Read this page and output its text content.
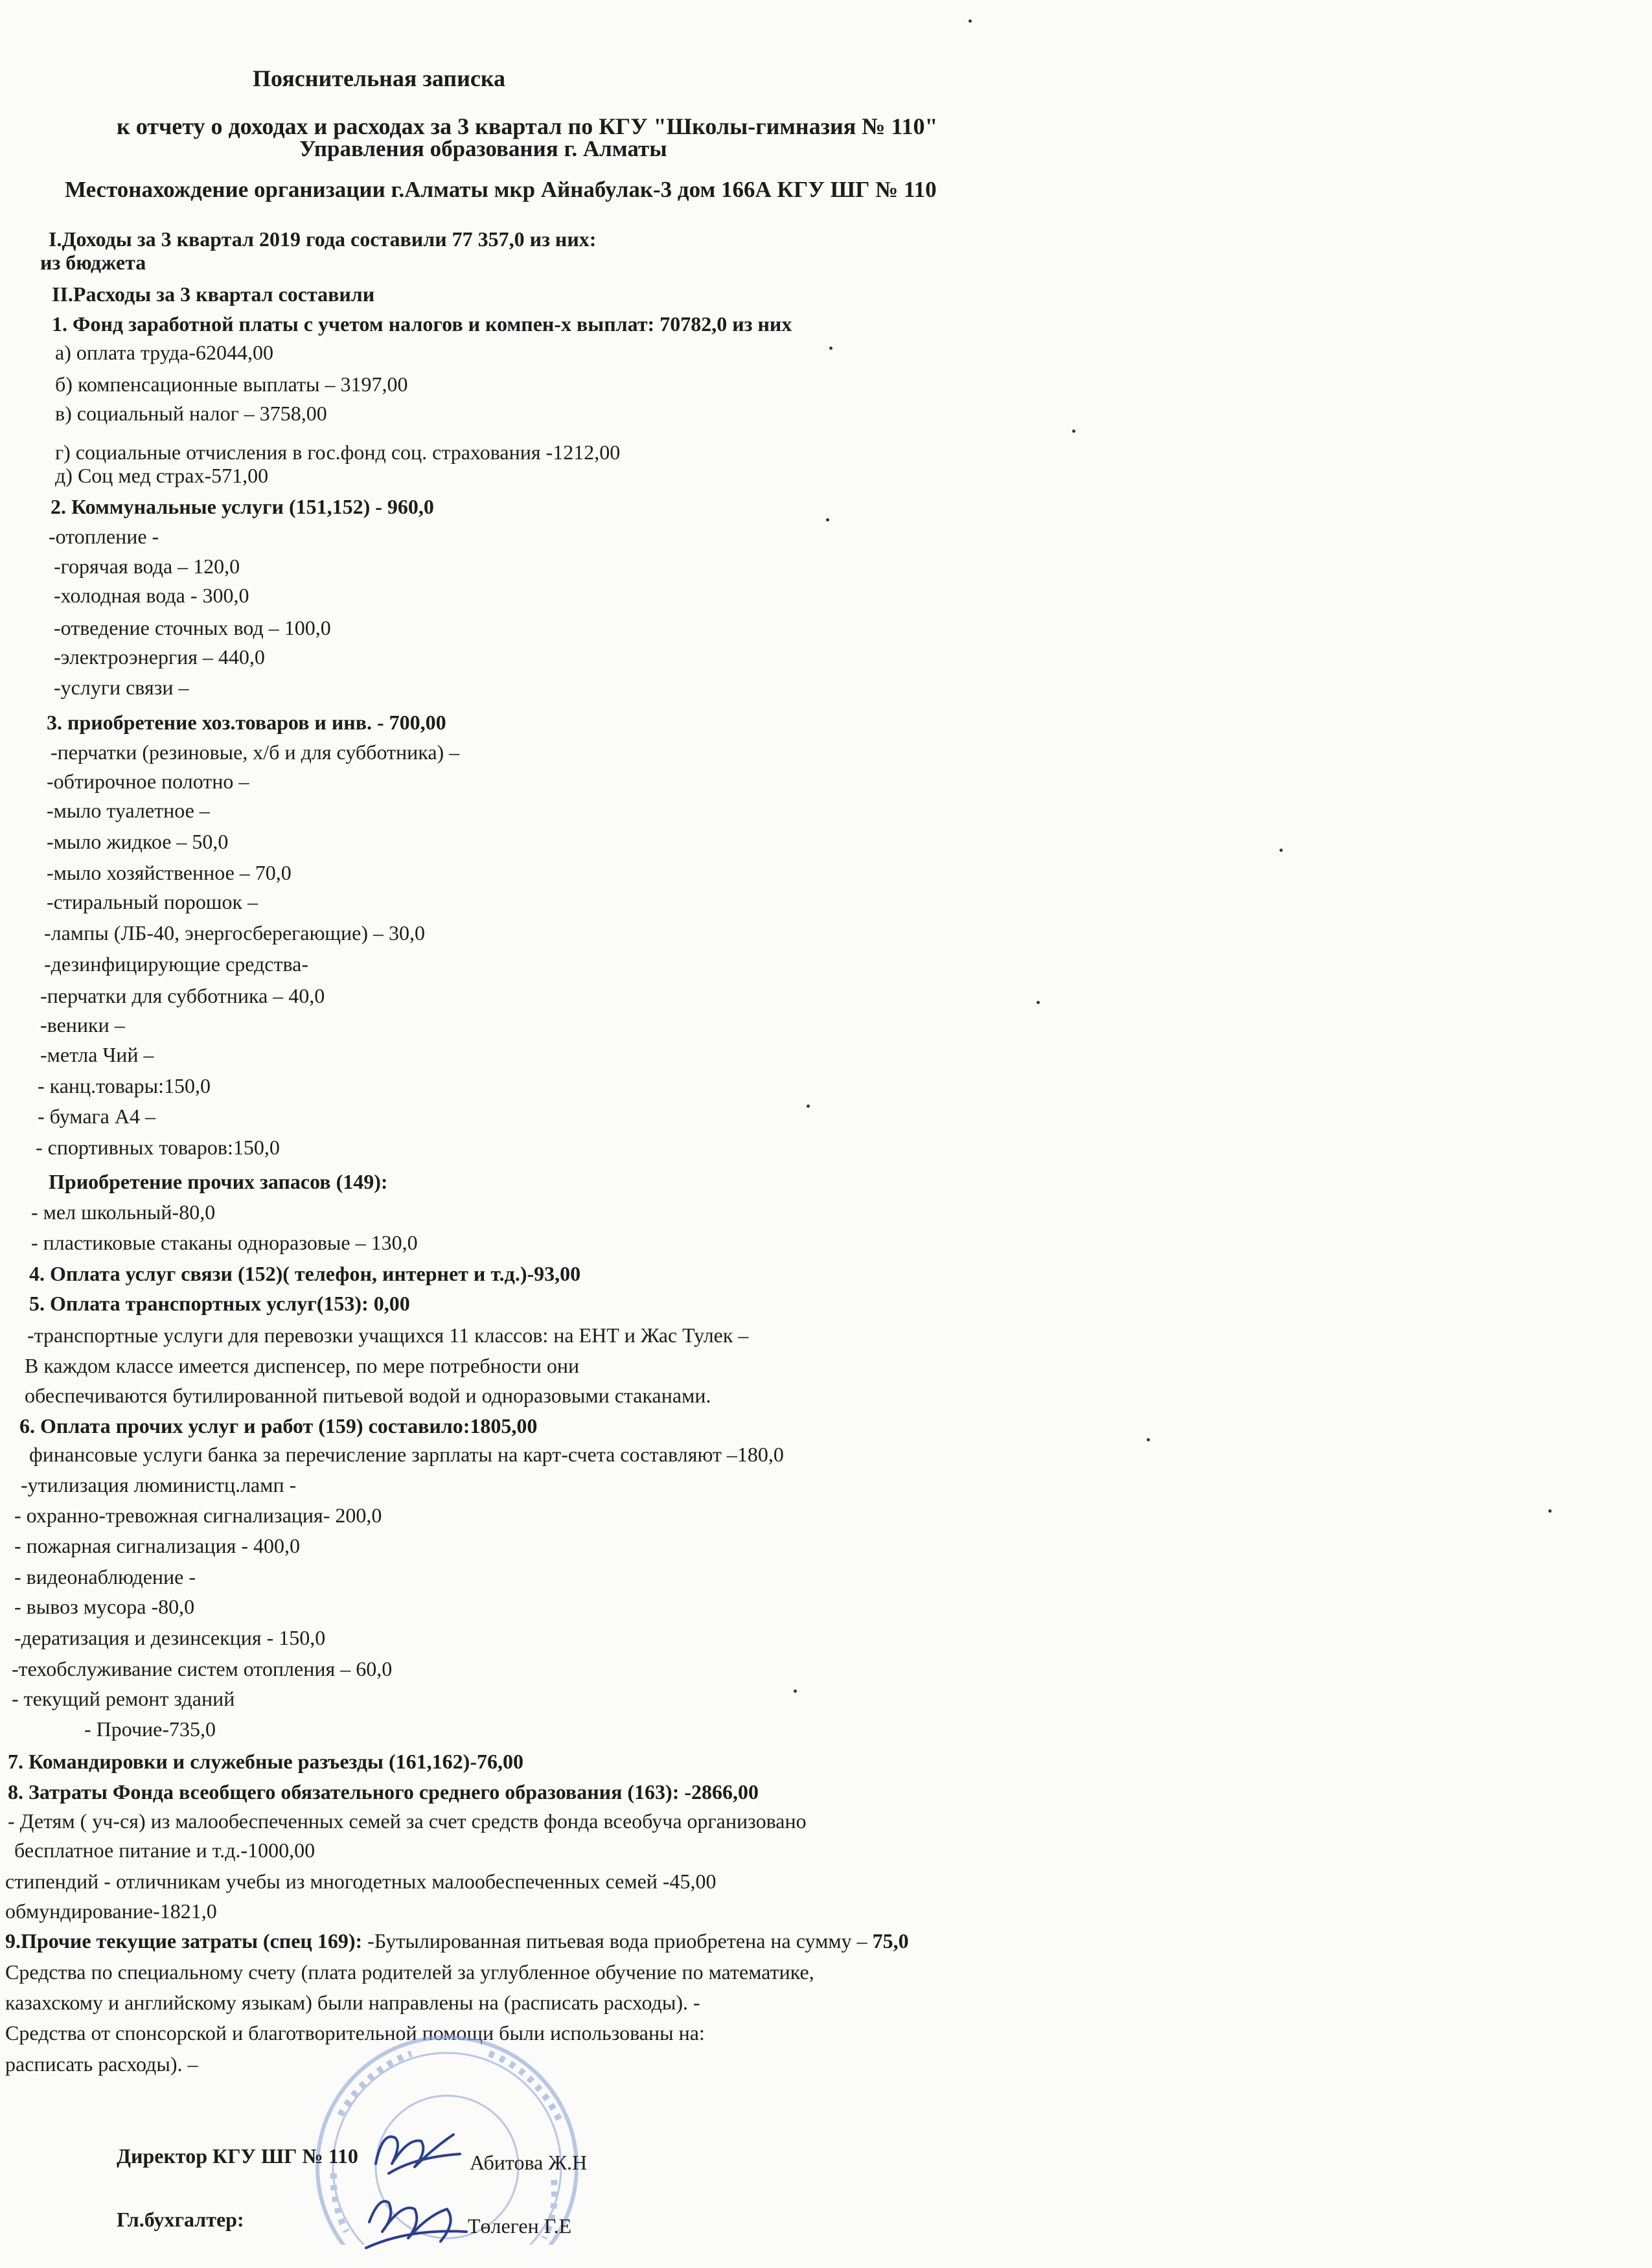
Пояснительная записка
к отчету о доходах и расходах за 3 квартал по КГУ "Школы-гимназия № 110"
Управления образования г. Алматы
Местонахождение организации г.Алматы мкр Айнабулак-3 дом 166А КГУ ШГ № 110
I.Доходы за 3 квартал 2019 года составили 77 357,0 из них:
из бюджета
II.Расходы за 3 квартал составили
1. Фонд заработной платы с учетом налогов и компен-х выплат: 70782,0 из них
а) оплата труда-62044,00
б) компенсационные выплаты – 3197,00
в) социальный налог – 3758,00
г) социальные отчисления в гос.фонд соц. страхования -1212,00
д) Соц мед страх-571,00
2. Коммунальные услуги (151,152) - 960,0
-отопление -
-горячая вода – 120,0
-холодная вода - 300,0
-отведение сточных вод – 100,0
-электроэнергия – 440,0
-услуги связи –
3. приобретение хоз.товаров и инв. - 700,00
-перчатки (резиновые, х/б и для субботника) –
-обтирочное полотно –
-мыло туалетное –
-мыло жидкое – 50,0
-мыло хозяйственное – 70,0
-стиральный порошок –
-лампы (ЛБ-40, энергосберегающие) – 30,0
-дезинфицирующие средства-
-перчатки для субботника – 40,0
-веники –
-метла Чий –
- канц.товары:150,0
- бумага А4 –
- спортивных товаров:150,0
Приобретение прочих запасов (149):
- мел школьный-80,0
- пластиковые стаканы одноразовые – 130,0
4. Оплата услуг связи (152)( телефон, интернет и т.д.)-93,00
5. Оплата транспортных услуг(153): 0,00
-транспортные услуги для перевозки учащихся 11 классов: на ЕНТ и Жас Тулек –
В каждом классе имеется диспенсер, по мере потребности они
обеспечиваются бутилированной питьевой водой и одноразовыми стаканами.
6. Оплата прочих услуг и работ (159) составило:1805,00
финансовые услуги банка за перечисление зарплаты на карт-счета составляют –180,0
-утилизация люминистц.ламп -
- охранно-тревожная сигнализация- 200,0
- пожарная сигнализация - 400,0
- видеонаблюдение -
- вывоз мусора -80,0
-дератизация и дезинсекция - 150,0
-техобслуживание систем отопления – 60,0
- текущий ремонт зданий
- Прочие-735,0
7. Командировки и служебные разъезды (161,162)-76,00
8. Затраты Фонда всеобщего обязательного среднего образования (163): -2866,00
- Детям ( уч-ся) из малообеспеченных семей за счет средств фонда всеобуча организовано
бесплатное питание и т.д.-1000,00
стипендий - отличникам учебы из многодетных малообеспеченных семей -45,00
обмундирование-1821,0
9.Прочие текущие затраты (спец 169): -Бутылированная питьевая вода приобретена на сумму – 75,0
Средства по специальному счету (плата родителей за углубленное обучение по математике,
казахскому и английскому языкам) были направлены на (расписать расходы). -
Средства от спонсорской и благотворительной помощи были использованы на:
расписать расходы). –
Директор КГУ ШГ № 110	Абитова Ж.Н
Гл.бухгалтер:	Төлеген Г.Е
